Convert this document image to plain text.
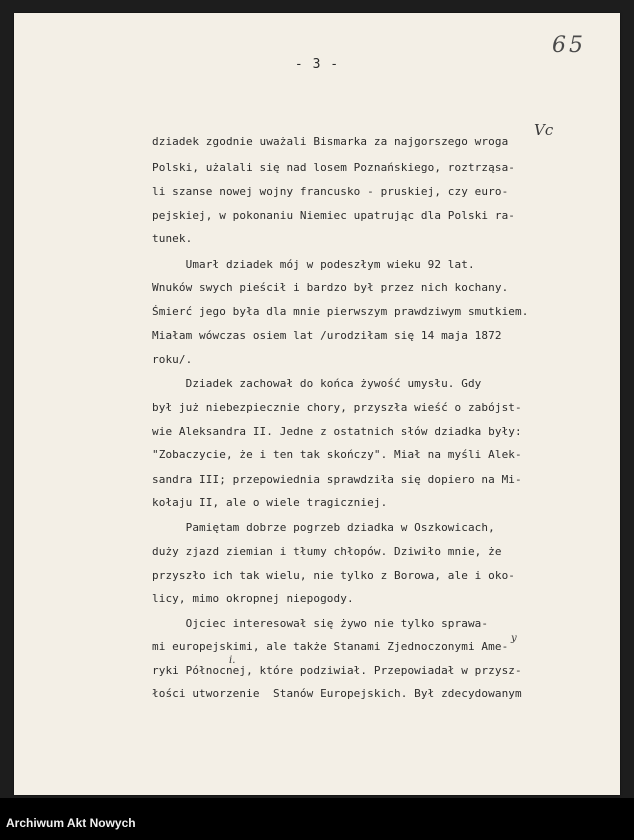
- 3 -
65
Vc
dziadek zgodnie uważali Bismarka za najgorszego wroga
Polski, użalali się nad losem Poznańskiego, roztrząsa-
li szanse nowej wojny francusko - pruskiej, czy euro-
pejskiej, w pokonaniu Niemiec upatrując dla Polski ra-
tunek.
Umarł dziadek mój w podeszłym wieku 92 lat.
Wnuków swych pieścił i bardzo był przez nich kochany.
Śmierć jego była dla mnie pierwszym prawdziwym smutkiem.
Miałam wówczas osiem lat /urodziłam się 14 maja 1872
roku/.
Dziadek zachował do końca żywość umysłu. Gdy
był już niebezpiecznie chory, przyszła wieść o zabójst-
wie Aleksandra II. Jedne z ostatnich słów dziadka były:
"Zobaczycie, że i ten tak skończy". Miał na myśli Alek-
sandra III; przepowiednia sprawdziła się dopiero na Mi-
kołaju II, ale o wiele tragiczniej.
Pamiętam dobrze pogrzeb dziadka w Oszkowicach,
duży zjazd ziemian i tłumy chłopów. Dziwiło mnie, że
przyszło ich tak wielu, nie tylko z Borowa, ale i oko-
licy, mimo okropnej niepogody.
Ojciec interesował się żywo nie tylko sprawa-
mi europejskimi, ale także Stanami Zjednoczonymi Ame-
ryki Północnej, które podziwiał. Przepowiadał w przysz-
łości utworzenie  Stanów Europejskich. Był zdecydowanym
y
i.
Archiwum Akt Nowych
